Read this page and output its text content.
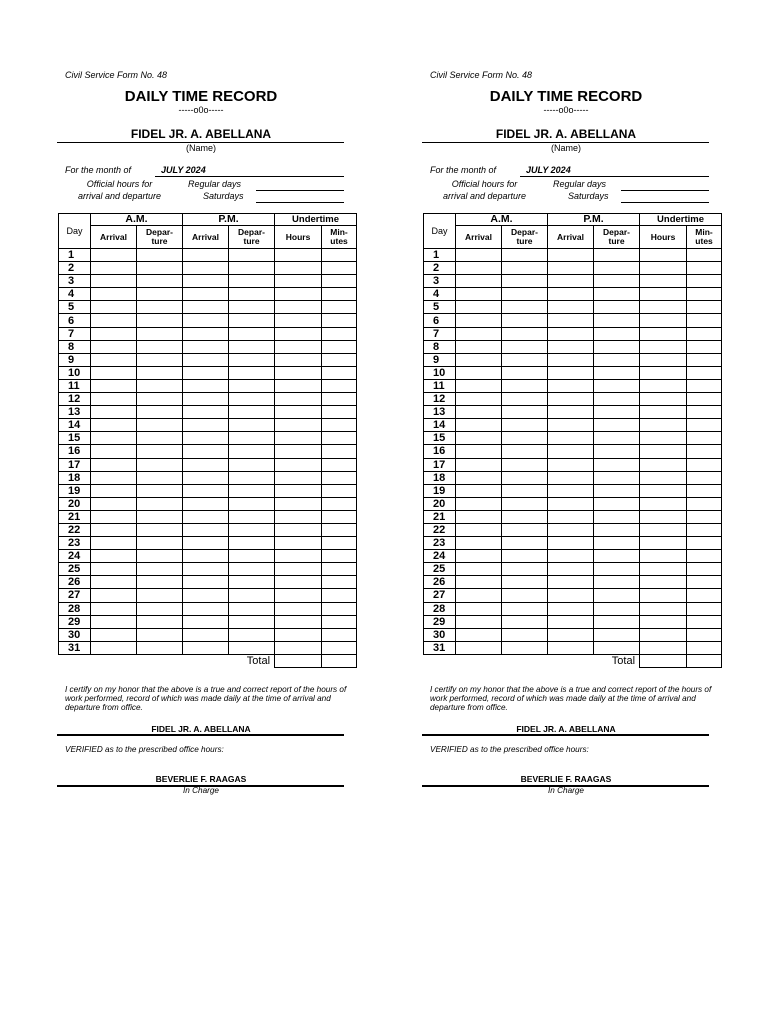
Civil Service Form No. 48
DAILY TIME RECORD
-----o0o-----
FIDEL JR. A. ABELLANA
(Name)
For the month of	JULY 2024
Official hours for
arrival and departure
Regular days
Saturdays
Day	A.M.		P.M.		Undertime	
	Arrival	Depar- ture	Arrival	Depar- ture	Hours	Min- utes
1						
2						
3						
4						
5						
6						
7						
8						
9						
10						
11						
12						
13						
14						
15						
16						
17						
18						
19						
20						
21						
22						
23						
24						
25						
26						
27						
28						
29						
30						
31						
			Total			
I certify on my honor that the above is a true and correct report of the hours of work performed, record of which was made daily at the time of arrival and departure from office.
FIDEL JR. A. ABELLANA
VERIFIED as to the prescribed office hours:
BEVERLIE F. RAAGAS
In Charge
Civil Service Form No. 48
DAILY TIME RECORD
-----o0o-----
FIDEL JR. A. ABELLANA
(Name)
For the month of	JULY 2024
Official hours for
arrival and departure
Regular days
Saturdays
Day	A.M.		P.M.		Undertime	
	Arrival	Depar- ture	Arrival	Depar- ture	Hours	Min- utes
1						
2						
3						
4						
5						
6						
7						
8						
9						
10						
11						
12						
13						
14						
15						
16						
17						
18						
19						
20						
21						
22						
23						
24						
25						
26						
27						
28						
29						
30						
31						
			Total			
I certify on my honor that the above is a true and correct report of the hours of work performed, record of which was made daily at the time of arrival and departure from office.
FIDEL JR. A. ABELLANA
VERIFIED as to the prescribed office hours:
BEVERLIE F. RAAGAS
In Charge
